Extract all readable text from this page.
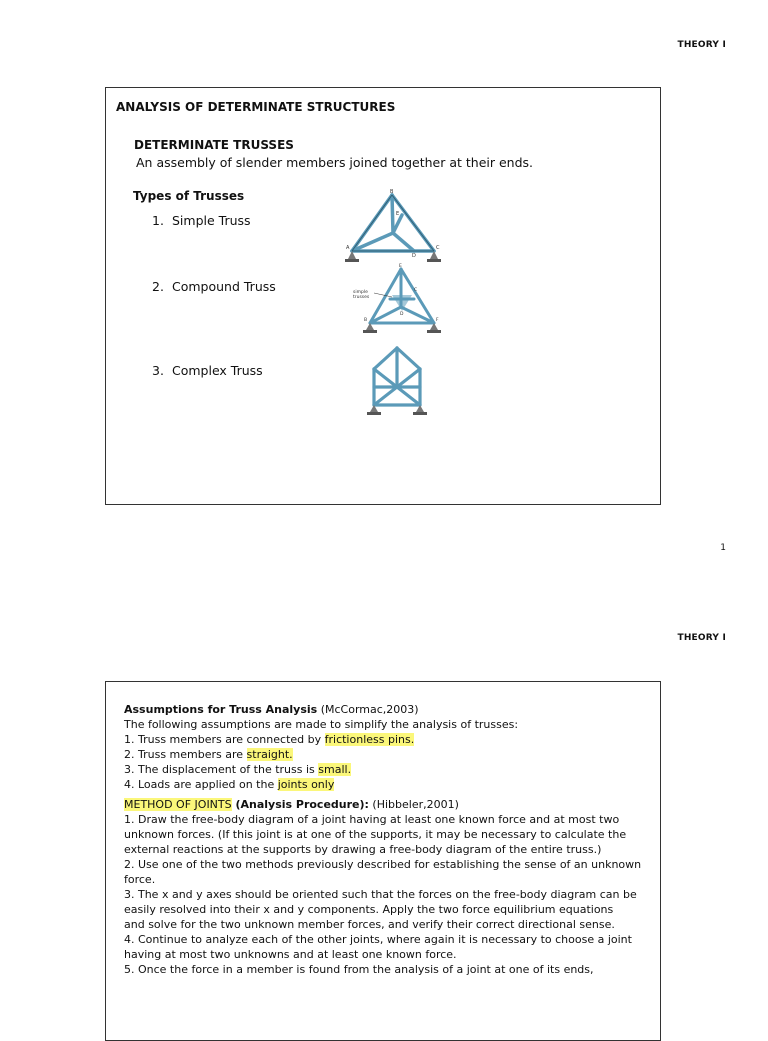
THEORY I
ANALYSIS OF DETERMINATE STRUCTURES
DETERMINATE TRUSSES
An assembly of slender members joined together at their ends.
Types of Trusses
1. Simple Truss
2. Compound Truss
3. Complex Truss
A
B
C
D
E
simple
trusses
E
B
D
C
F
1
THEORY I

Assumptions for Truss Analysis (McCormac,2003)

The following assumptions are made to simplify the analysis of trusses:

1. Truss members are connected by frictionless pins.

2. Truss members are straight.

3. The displacement of the truss is small.

4. Loads are applied on the joints only

METHOD OF JOINTS (Analysis Procedure): (Hibbeler,2001)

1. Draw the free-body diagram of a joint having at least one known force and at most two unknown forces. (If this joint is at one of the supports, it may be necessary to calculate the external reactions at the supports by drawing a free-body diagram of the entire truss.)

2. Use one of the two methods previously described for establishing the sense of an unknown force.

3. The x and y axes should be oriented such that the forces on the free-body diagram can be easily resolved into their x and y components. Apply the two force equilibrium equations

and solve for the two unknown member forces, and verify their correct directional sense.

4. Continue to analyze each of the other joints, where again it is necessary to choose a joint having at most two unknowns and at least one known force.

5. Once the force in a member is found from the analysis of a joint at one of its ends,
